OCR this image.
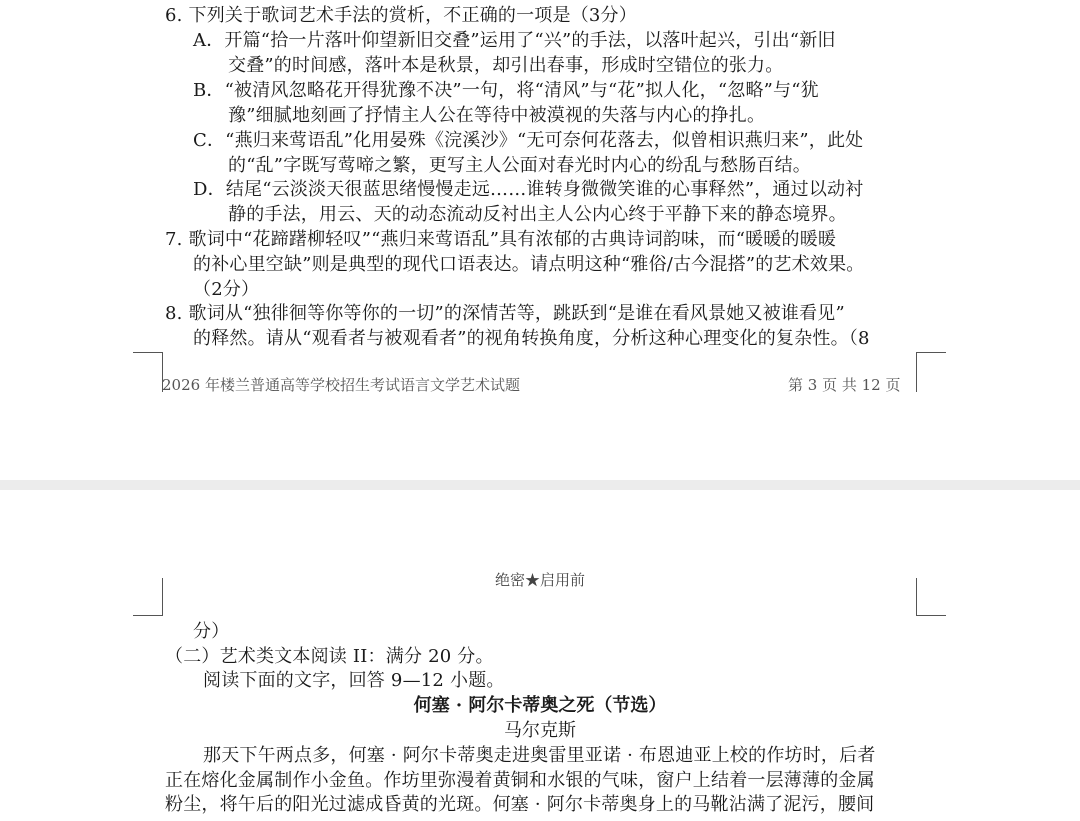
6. 下列关于歌词艺术手法的赏析，不正确的一项是（3分）
A．开篇“拾一片落叶仰望新旧交叠”运用了“兴”的手法，以落叶起兴，引出“新旧
交叠”的时间感，落叶本是秋景，却引出春事，形成时空错位的张力。
B．“被清风忽略花开得犹豫不决”一句，将“清风”与“花”拟人化，“忽略”与“犹
豫”细腻地刻画了抒情主人公在等待中被漠视的失落与内心的挣扎。
C．“燕归来莺语乱”化用晏殊《浣溪沙》“无可奈何花落去，似曾相识燕归来”，此处
的“乱”字既写莺啼之繁，更写主人公面对春光时内心的纷乱与愁肠百结。
D．结尾“云淡淡天很蓝思绪慢慢走远……谁转身微微笑谁的心事释然”，通过以动衬
静的手法，用云、天的动态流动反衬出主人公内心终于平静下来的静态境界。
7. 歌词中“花蹄躇柳轻叹”“燕归来莺语乱”具有浓郁的古典诗词韵味，而“暖暖的暖暖
的补心里空缺”则是典型的现代口语表达。请点明这种“雅俗/古今混搭”的艺术效果。
（2分）
8. 歌词从“独徘徊等你等你的一切”的深情苦等，跳跃到“是谁在看风景她又被谁看见”
的释然。请从“观看者与被观看者”的视角转换角度，分析这种心理变化的复杂性。（8
2026 年楼兰普通高等学校招生考试语言文学艺术试题	第 3 页 共 12 页
绝密★启用前
分）
（二）艺术类文本阅读 II：满分 20 分。
阅读下面的文字，回答 9—12 小题。
何塞 · 阿尔卡蒂奥之死（节选）
马尔克斯
那天下午两点多，何塞 · 阿尔卡蒂奥走进奥雷里亚诺 · 布恩迪亚上校的作坊时，后者
正在熔化金属制作小金鱼。作坊里弥漫着黄铜和水银的气味，窗户上结着一层薄薄的金属
粉尘，将午后的阳光过滤成昏黄的光斑。何塞 · 阿尔卡蒂奥身上的马靴沾满了泥污，腰间
